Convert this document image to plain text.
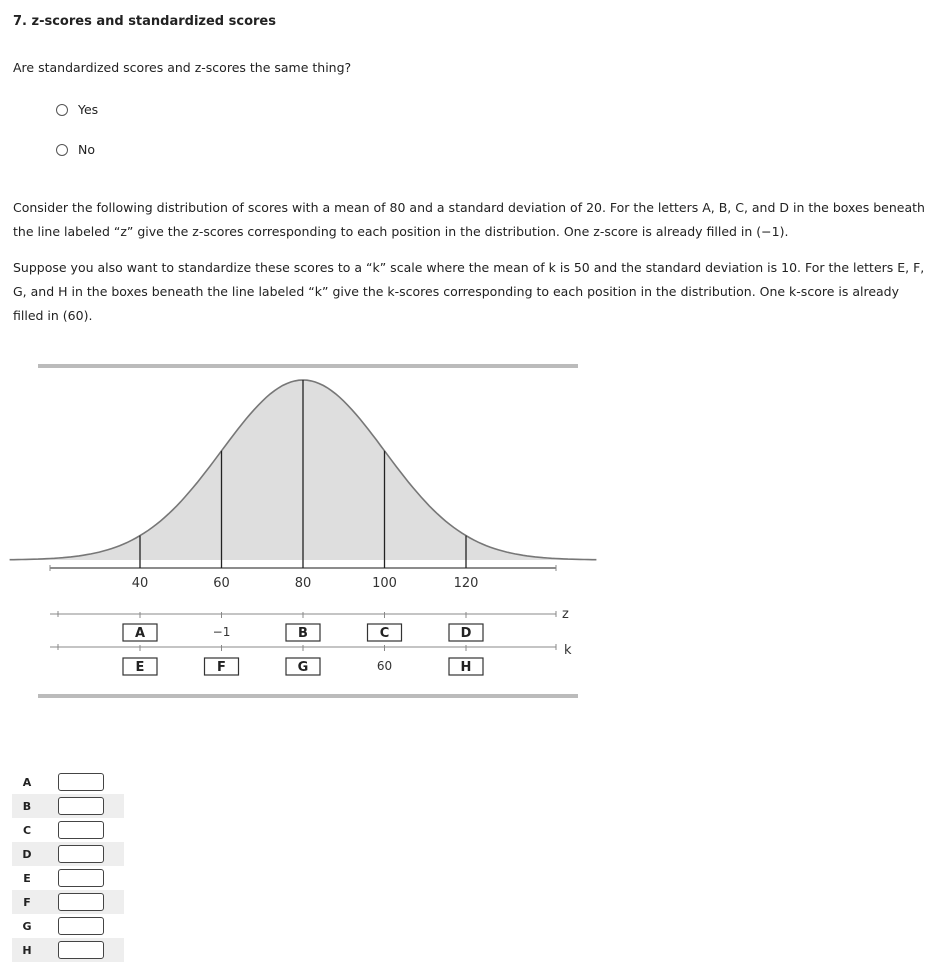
7. z-scores and standardized scores
Are standardized scores and z-scores the same thing?
Yes
No

Consider the following distribution of scores with a mean of 80 and a standard deviation of 20. For the letters A, B, C, and D in the boxes beneath the line labeled “z” give the z-scores corresponding to each position in the distribution. One z-score is already filled in (−1).

Suppose you also want to standardize these scores to a “k” scale where the mean of k is 50 and the standard deviation is 10. For the letters E, F, G, and H in the boxes beneath the line labeled “k” give the k-scores corresponding to each position in the distribution. One k-score is already filled in (60).

40	60	80	100	120
z
k
A	−1	B	C	D
E	F	G	60	H
A
B
C
D
E
F
G
H
